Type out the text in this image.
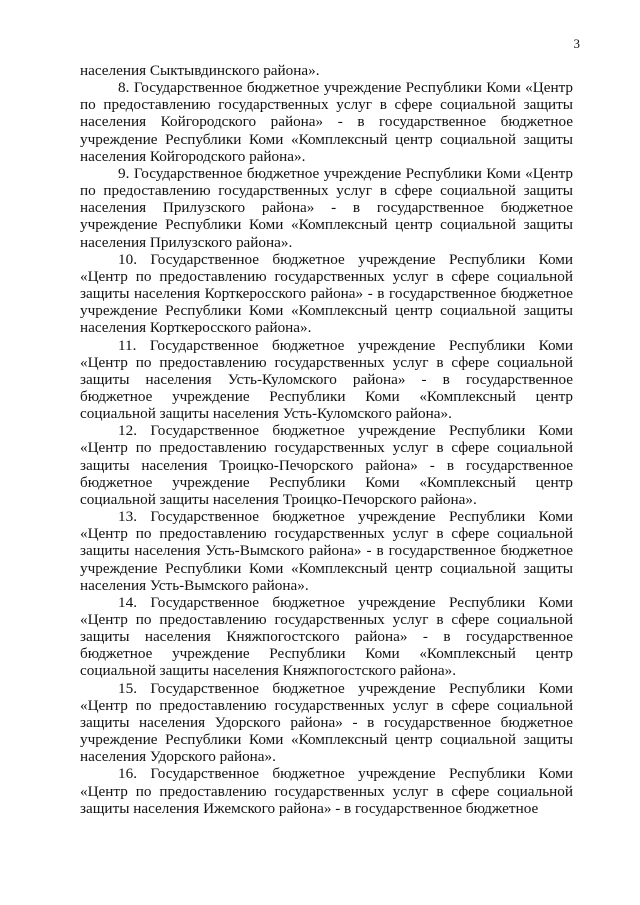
3

населения Сыктывдинского района».

8. Государственное бюджетное учреждение Республики Коми «Центр по предоставлению государственных услуг в сфере социальной защиты населения Койгородского района» - в государственное бюджетное учреждение Республики Коми «Комплексный центр социальной защиты населения Койгородского района».

9. Государственное бюджетное учреждение Республики Коми «Центр по предоставлению государственных услуг в сфере социальной защиты населения Прилузского района» - в государственное бюджетное учреждение Республики Коми «Комплексный центр социальной защиты населения Прилузского района».

10. Государственное бюджетное учреждение Республики Коми «Центр по предоставлению государственных услуг в сфере социальной защиты населения Корткеросского района» - в государственное бюджетное учреждение Республики Коми «Комплексный центр социальной защиты населения Корткеросского района».

11. Государственное бюджетное учреждение Республики Коми «Центр по предоставлению государственных услуг в сфере социальной защиты населения Усть-Куломского района» - в государственное бюджетное учреждение Республики Коми «Комплексный центр социальной защиты населения Усть-Куломского района».

12. Государственное бюджетное учреждение Республики Коми «Центр по предоставлению государственных услуг в сфере социальной защиты населения Троицко-Печорского района» - в государственное бюджетное учреждение Республики Коми «Комплексный центр социальной защиты населения Троицко-Печорского района».

13. Государственное бюджетное учреждение Республики Коми «Центр по предоставлению государственных услуг в сфере социальной защиты населения Усть-Вымского района» - в государственное бюджетное учреждение Республики Коми «Комплексный центр социальной защиты населения Усть-Вымского района».

14. Государственное бюджетное учреждение Республики Коми «Центр по предоставлению государственных услуг в сфере социальной защиты населения Княжпогостского района» - в государственное бюджетное учреждение Республики Коми «Комплексный центр социальной защиты населения Княжпогостского района».

15. Государственное бюджетное учреждение Республики Коми «Центр по предоставлению государственных услуг в сфере социальной защиты населения Удорского района» - в государственное бюджетное учреждение Республики Коми «Комплексный центр социальной защиты населения Удорского района».

16. Государственное бюджетное учреждение Республики Коми «Центр по предоставлению государственных услуг в сфере социальной защиты населения Ижемского района» - в государственное бюджетное
